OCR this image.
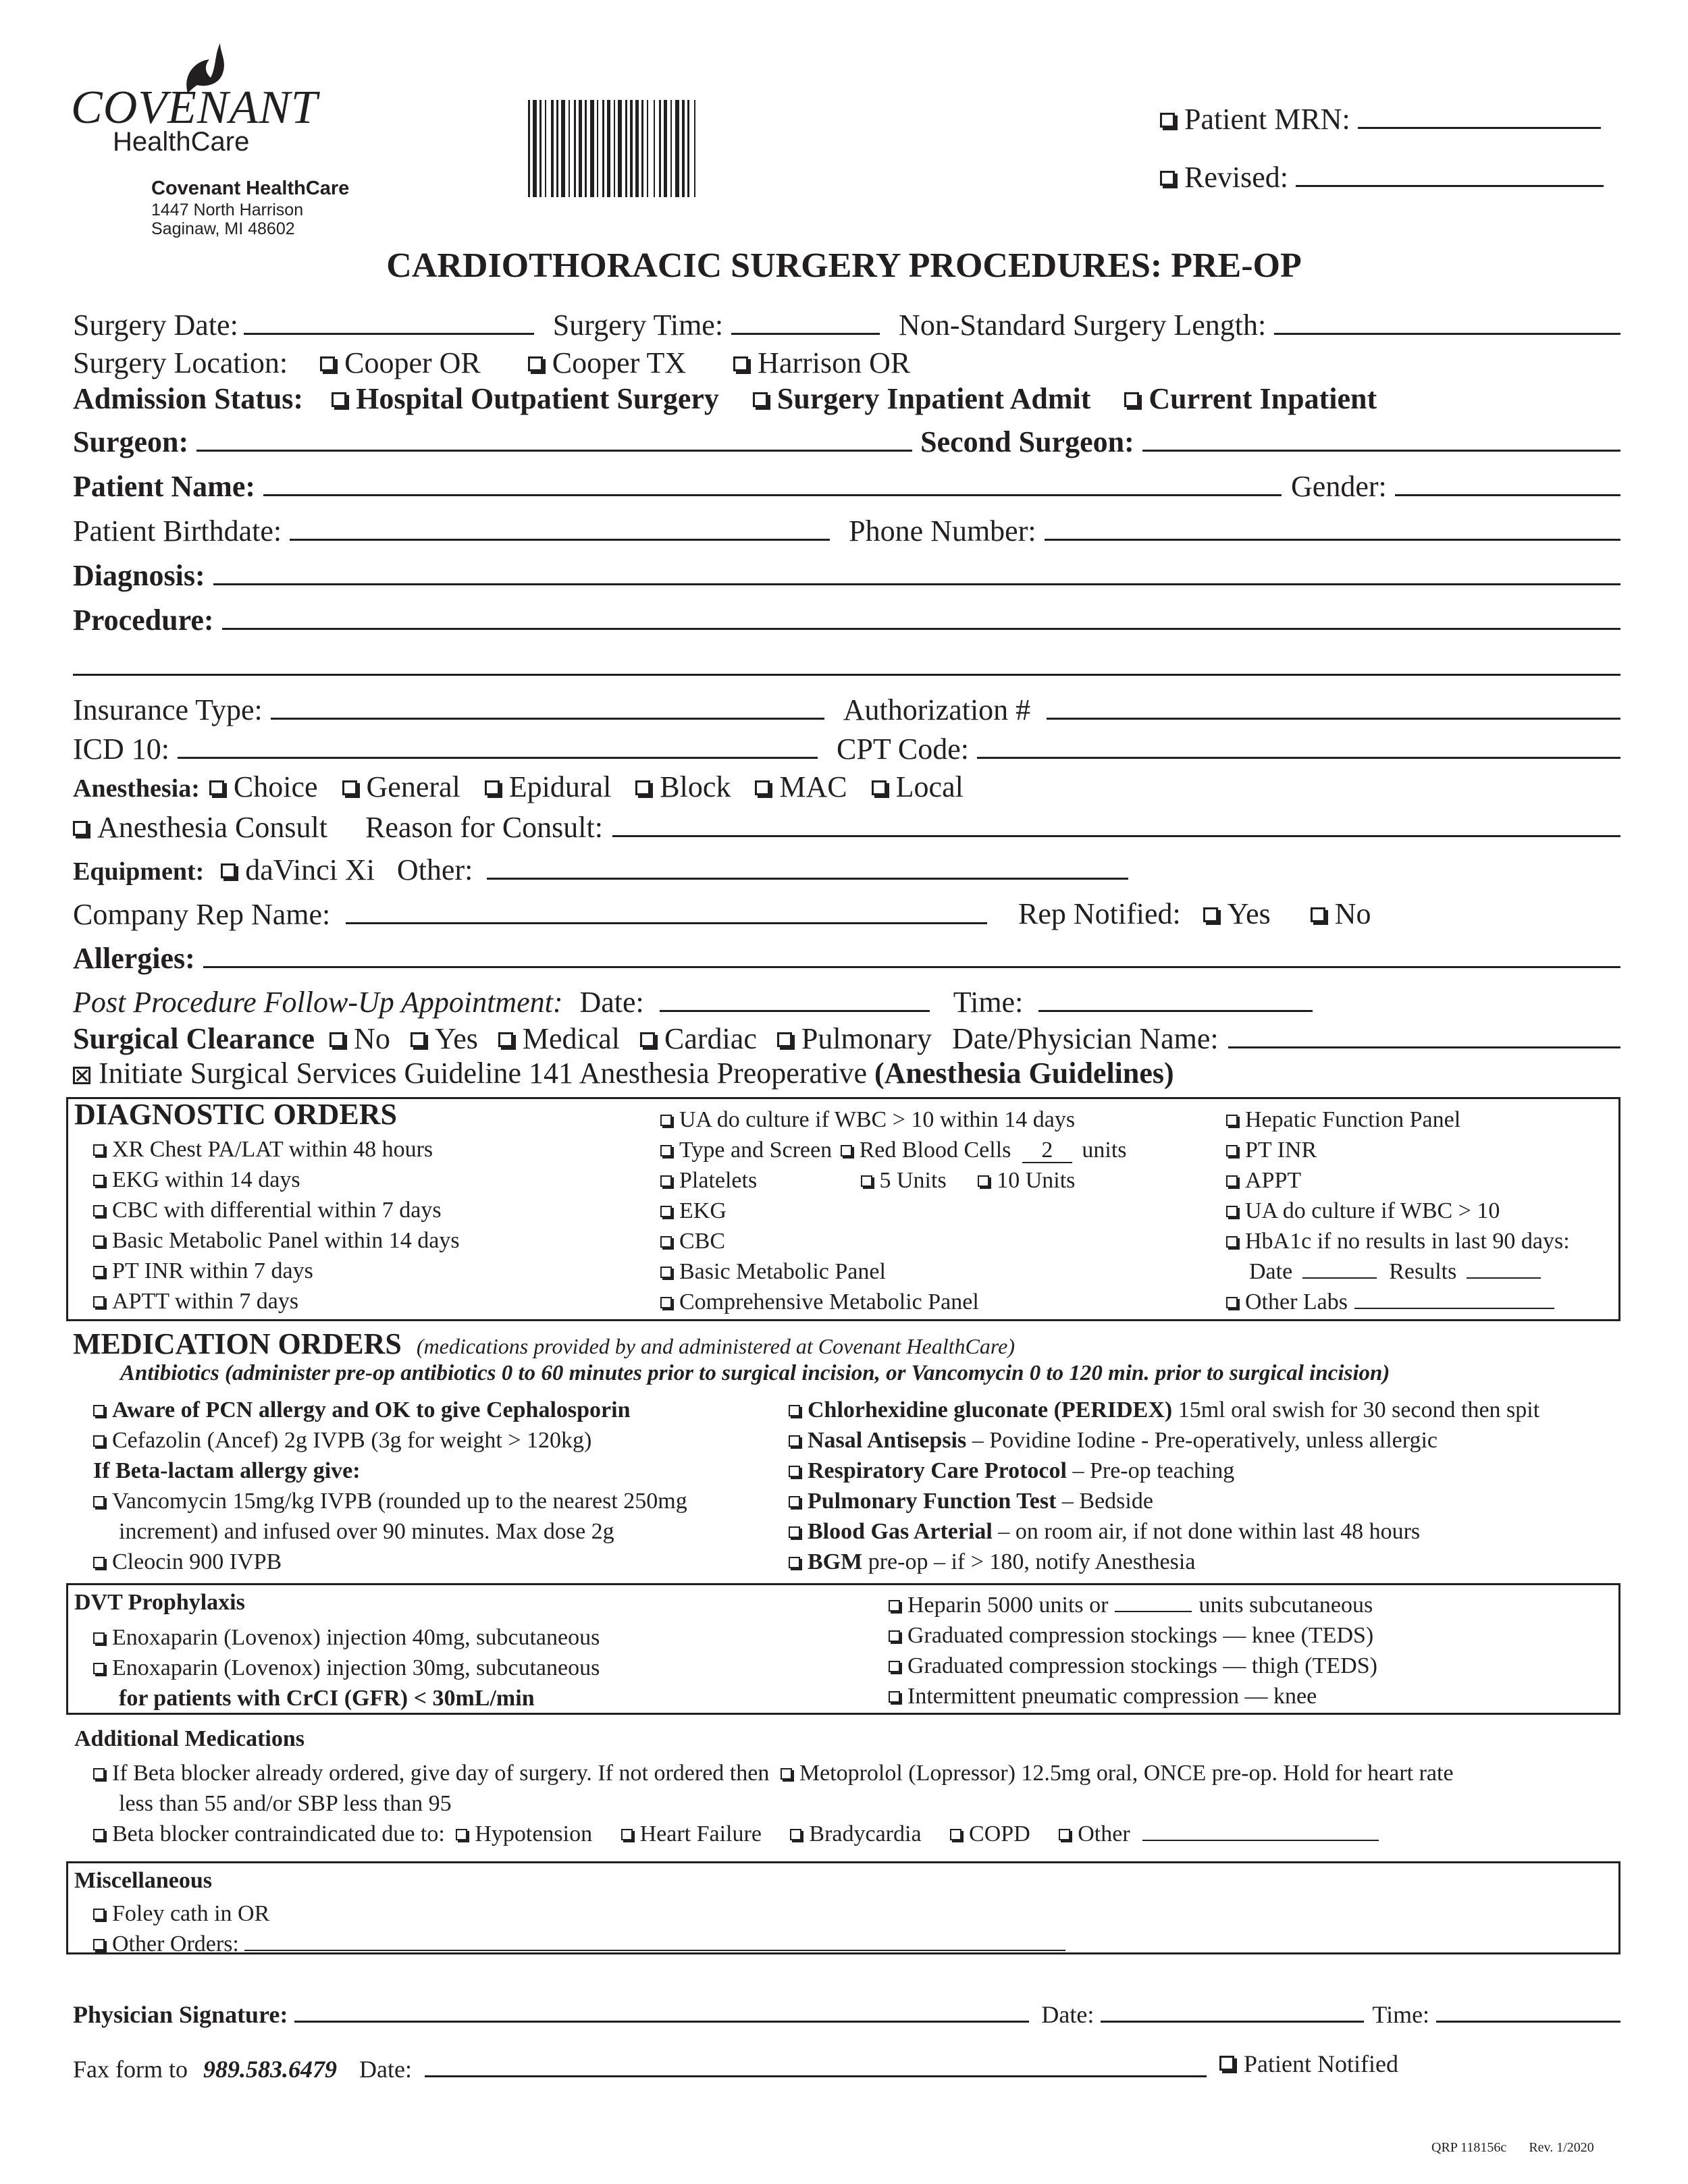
COVENANT
HealthCare
Covenant HealthCare
1447 North Harrison
Saginaw, MI 48602
Patient MRN:
Revised:
CARDIOTHORACIC SURGERY PROCEDURES: PRE-OP
Surgery Date:	Surgery Time:	Non-Standard Surgery Length:
Surgery Location:	Cooper OR	Cooper TX	Harrison OR
Admission Status:	Hospital Outpatient Surgery	Surgery Inpatient Admit	Current Inpatient
Surgeon:	Second Surgeon:
Patient Name:	Gender:
Patient Birthdate:	Phone Number:
Diagnosis:
Procedure:
Insurance Type:	Authorization #
ICD 10:	CPT Code:
Anesthesia:	Choice	General	Epidural	Block	MAC	Local
Anesthesia Consult Reason for Consult:
Equipment: daVinci Xi Other:
Company Rep Name:	Rep Notified: Yes No
Allergies:
Post Procedure Follow-Up Appointment: Date:	Time:
Surgical Clearance	No	Yes	Medical	Cardiac	Pulmonary Date/Physician Name:
Initiate Surgical Services Guideline 141 Anesthesia Preoperative (Anesthesia Guidelines)
DIAGNOSTIC ORDERS
XR Chest PA/LAT within 48 hours
EKG within 14 days
CBC with differential within 7 days
Basic Metabolic Panel within 14 days
PT INR within 7 days
APTT within 7 days
UA do culture if WBC > 10 within 14 days
Type and Screen Red Blood Cells 2 units
Platelets	5 Units 10 Units
EKG
CBC
Basic Metabolic Panel
Comprehensive Metabolic Panel
Hepatic Function Panel
PT INR
APPT
UA do culture if WBC > 10
HbA1c if no results in last 90 days:
Date	Results
Other Labs
MEDICATION ORDERS (medications provided by and administered at Covenant HealthCare)
Antibiotics (administer pre-op antibiotics 0 to 60 minutes prior to surgical incision, or Vancomycin 0 to 120 min. prior to surgical incision)
Aware of PCN allergy and OK to give Cephalosporin
Cefazolin (Ancef) 2g IVPB (3g for weight > 120kg)
If Beta-lactam allergy give:
Vancomycin 15mg/kg IVPB (rounded up to the nearest 250mg
increment) and infused over 90 minutes. Max dose 2g
Cleocin 900 IVPB
Chlorhexidine gluconate (PERIDEX) 15ml oral swish for 30 second then spit
Nasal Antisepsis – Povidine Iodine - Pre-operatively, unless allergic
Respiratory Care Protocol – Pre-op teaching
Pulmonary Function Test – Bedside
Blood Gas Arterial – on room air, if not done within last 48 hours
BGM pre-op – if > 180, notify Anesthesia
DVT Prophylaxis
Enoxaparin (Lovenox) injection 40mg, subcutaneous
Enoxaparin (Lovenox) injection 30mg, subcutaneous
for patients with CrCI (GFR) < 30mL/min
Heparin 5000 units or	units subcutaneous
Graduated compression stockings — knee (TEDS)
Graduated compression stockings — thigh (TEDS)
Intermittent pneumatic compression — knee
Additional Medications
If Beta blocker already ordered, give day of surgery. If not ordered then Metoprolol (Lopressor) 12.5mg oral, ONCE pre-op. Hold for heart rate
less than 55 and/or SBP less than 95
Beta blocker contraindicated due to: Hypotension Heart Failure Bradycardia COPD Other
Miscellaneous
Foley cath in OR
Other Orders:
Physician Signature:	Date:	Time:
Fax form to 989.583.6479 Date:	Patient Notified
QRP 118156c Rev. 1/2020
